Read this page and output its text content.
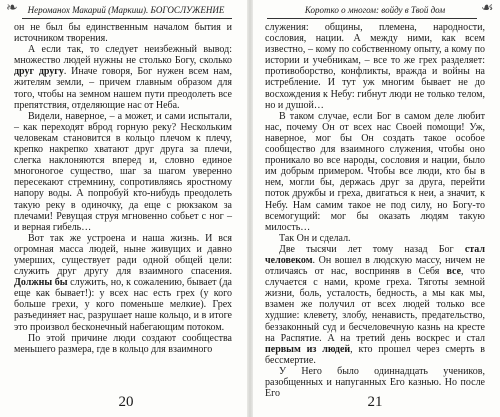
❧ Нероманох Макарий (Маркиш). БОГОСЛУЖЕНИЕ

он не был бы единственным началом бытия и источником творения.

А если так, то следует неизбежный вывод: множество людей нужны не столько Богу, сколько друг другу. Иначе говоря, Бог нужен всем нам, жителям земли, – причем главным образом для того, чтобы на земном нашем пути преодолеть все препятствия, отделяющие нас от Неба.

Видели, наверное, – а может, и сами испытали, – как переходят вброд горную реку? Нескольким человекам становится в кольцо плечом к плечу, крепко накрепко хватают друг друга за плечи, слегка наклоняются вперед и, словно единое многоногое существо, шаг за шагом уверенно пересекают стремнину, сопротивляясь яростному напору воды. А попробуй кто-нибудь преодолеть такую реку в одиночку, да еще с рюкзаком за плечами! Ревущая струя мгновенно собьет с ног – и верная гибель…

Вот так же устроена и наша жизнь. И вся огромная масса людей, ныне живущих и давно умерших, существует ради одной общей цели: служить друг другу для взаимного спасения. Должны бы служить, но, к сожалению, бывает (да еще как бывает!): у всех нас есть грех (у кого больше грехи, у кого поменьше мелкие). Грех разъединяет нас, разрушает наше кольцо, и в итоге это произвол бесконечный набегающим потоком.

По этой причине люди создают сообщества меньшего размера, где в кольцо для взаимного

20
☙
Коротко о многом: войду в Твой дом

служения: общины, племена, народности, сословия, нации. А между ними, как всем известно, – кому по собственному опыту, а кому по истории и учебникам, – все то же грех разделяет: противоборство, конфликты, вражда и войны на истребление. И тут уж многим бывает не до восхождения к Небу: гибнут люди не только телом, но и душой…

В таком случае, если Бог в самом деле любит нас, почему Он от всех нас Своей помощи! Уж, наверное, мог бы Он создать такое особое сообщество для взаимного служения, чтобы оно проникало во все народы, сословия и нации, было им добрым примером. Чтобы все люди, кто бы в нем, могли бы, держась друг за друга, перейти поток дружбы и греха, двигаться к неи, а значит, к Небу. Нам самим такое не под силу, но Богу-то всемогущий: мог бы оказать людям такую милость…

Так Он и сделал.

Две тысячи лет тому назад Бог стал человеком. Он вошел в людскую массу, ничем не отличаясь от нас, восприняв в Себя все, что случается с нами, кроме греха. Тяготы земной жизни, боль, усталость, бедность, а мы как мы, взамен же получил от всех людей только все худшие: клевету, злобу, ненависть, предательство, беззаконный суд и бесчеловечную казнь на кресте на Распятие. А на третий день воскрес и стал первым из людей, кто прошел через смерть в бессмертие.

У Него было одиннадцать учеников, разобщенных и напуганных Его казнью. Но после Его

21
